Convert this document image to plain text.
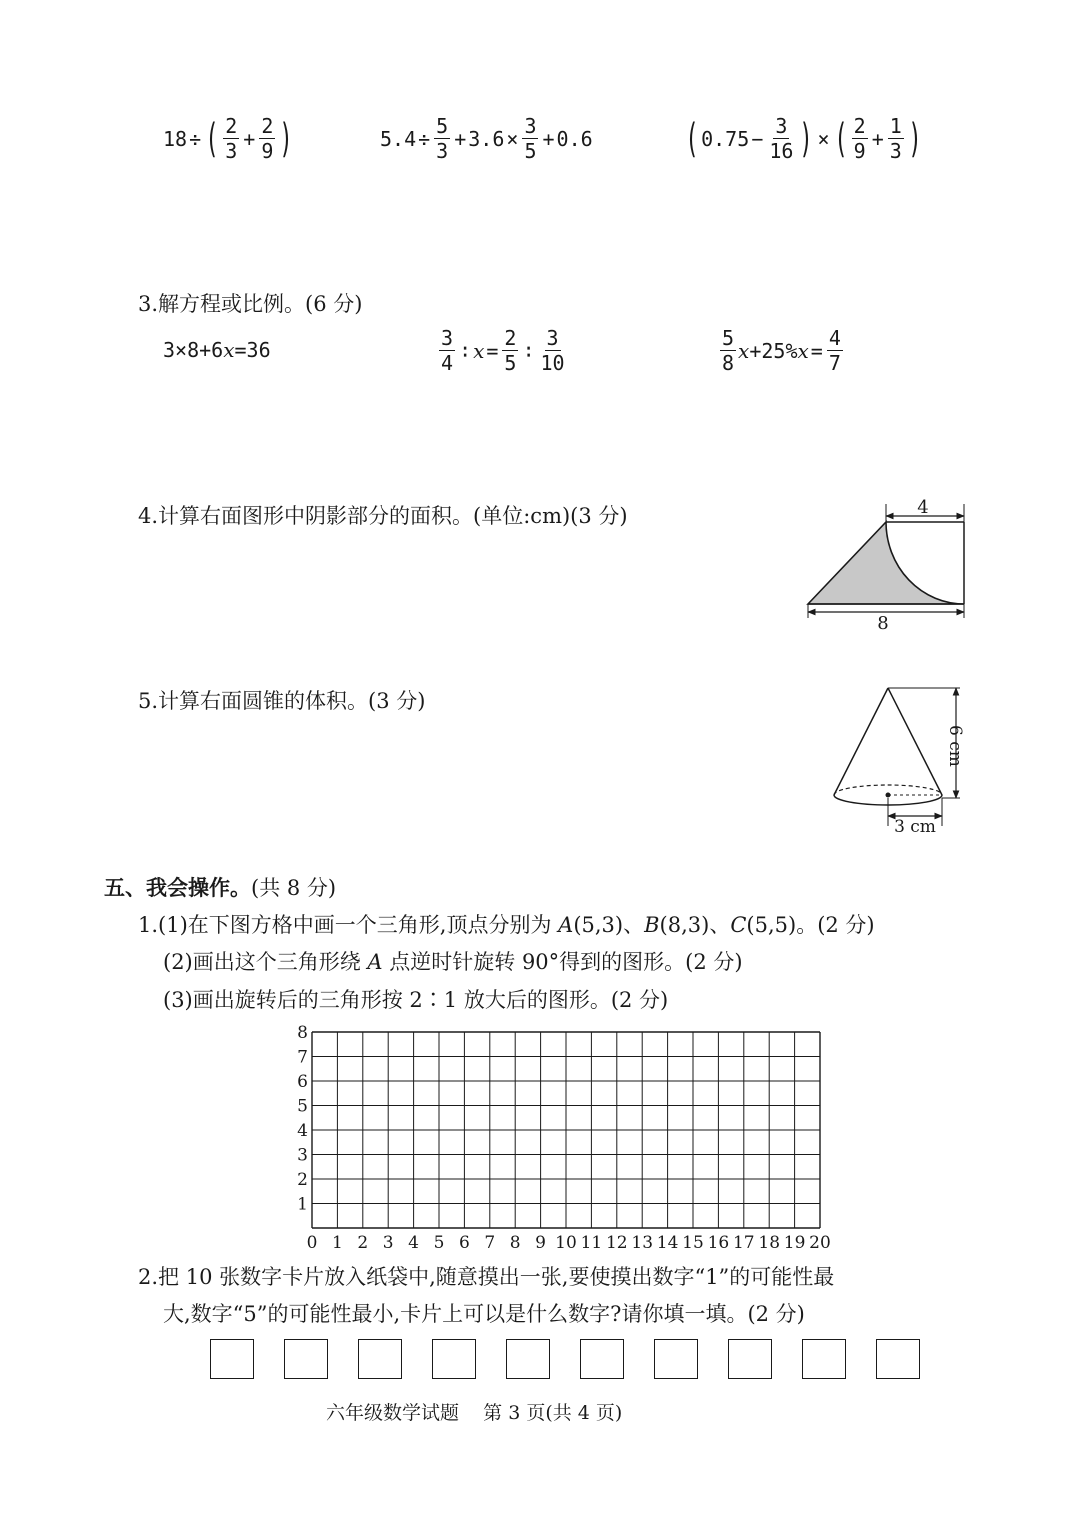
18 ÷ ( $\frac{2}{3} + \frac{2}{9}$ )	$5.4 \div \frac{5}{3} + 3.6 \times \frac{3}{5} + 0.6$ ( $0.75 - \frac{3}{16}$ ) × ( $\frac{2}{9} + \frac{1}{3}$ )
3.解方程或比例。(6 分)
3×8+6 x =36	$\frac{3}{4}$ ∶ $x = \frac{2}{5}$ ∶ $\frac{3}{10}$	$\frac{5}{8}$ x +25% $x = \frac{4}{7}$
4.计算右面图形中阴影部分的面积。(单位:cm)(3 分)	4
8
5.计算右面圆锥的体积。(3 分)
6 cm
3 cm
五、我会操作。(共 8 分)
1.(1)在下图方格中画一个三角形,顶点分别为 A(5,3)、B(8,3)、C(5,5)。(2 分)
(2)画出这个三角形绕 A 点逆时针旋转 90°得到的图形。(2 分)
(3)画出旋转后的三角形按 2∶1 放大后的图形。(2 分)
0 1 2 3 4 5 6 7 8 9 10 11 12 13 14 15 16 17 18 19 20
1
2
3
4
5
6
7
8
2.把 10 张数字卡片放入纸袋中,随意摸出一张,要使摸出数字“1”的可能性最
大,数字“5”的可能性最小,卡片上可以是什么数字?请你填一填。(2 分)
六年级数学试题    第 3 页(共 4 页)
